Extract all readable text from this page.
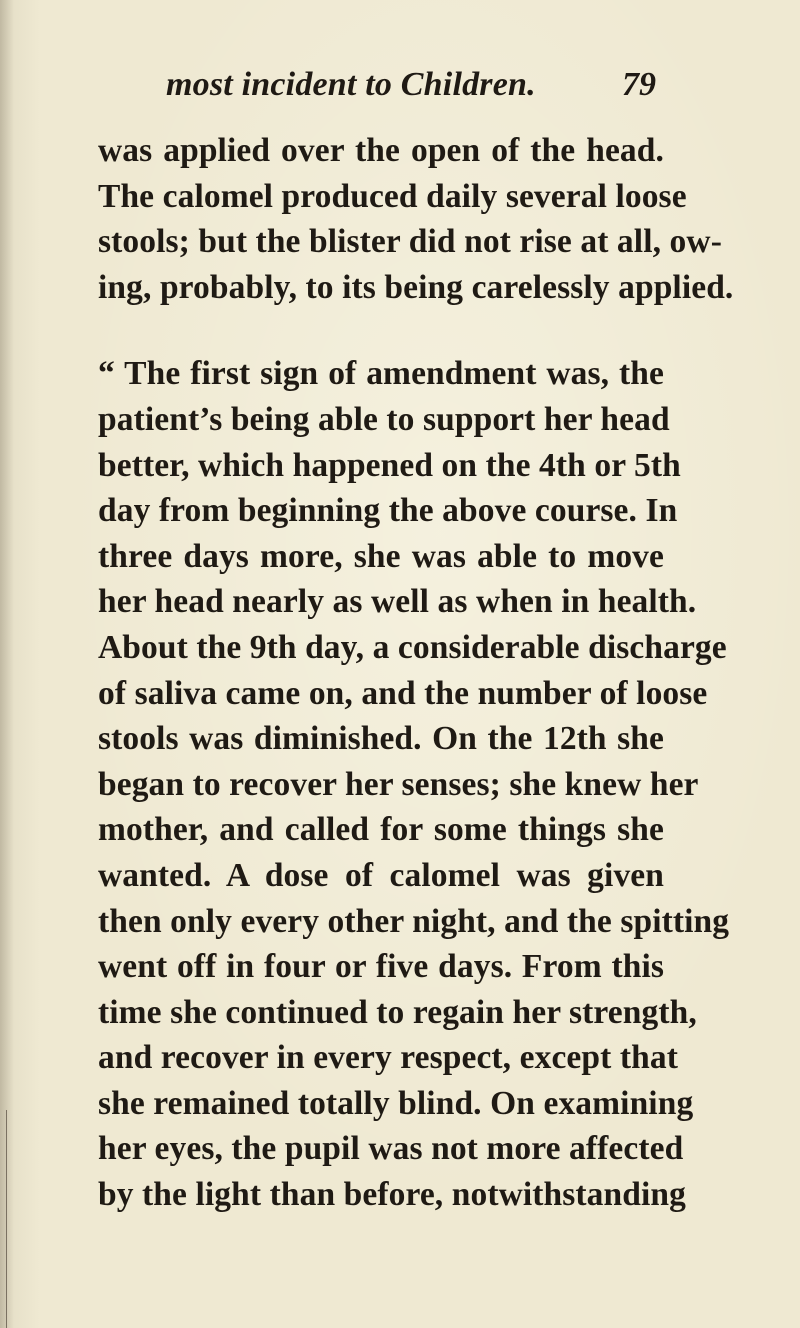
most incident to Children.	79
was applied over the open of the head.
The calomel produced daily several loose
stools; but the blister did not rise at all, ow-
ing, probably, to its being carelessly applied.
“ The first sign of amendment was, the
patient’s being able to support her head
better, which happened on the 4th or 5th
day from beginning the above course. In
three days more, she was able to move
her head nearly as well as when in health.
About the 9th day, a considerable discharge
of saliva came on, and the number of loose
stools was diminished. On the 12th she
began to recover her senses; she knew her
mother, and called for some things she
wanted. A dose of calomel was given
then only every other night, and the spitting
went off in four or five days. From this
time she continued to regain her strength,
and recover in every respect, except that
she remained totally blind. On examining
her eyes, the pupil was not more affected
by the light than before, notwithstanding
